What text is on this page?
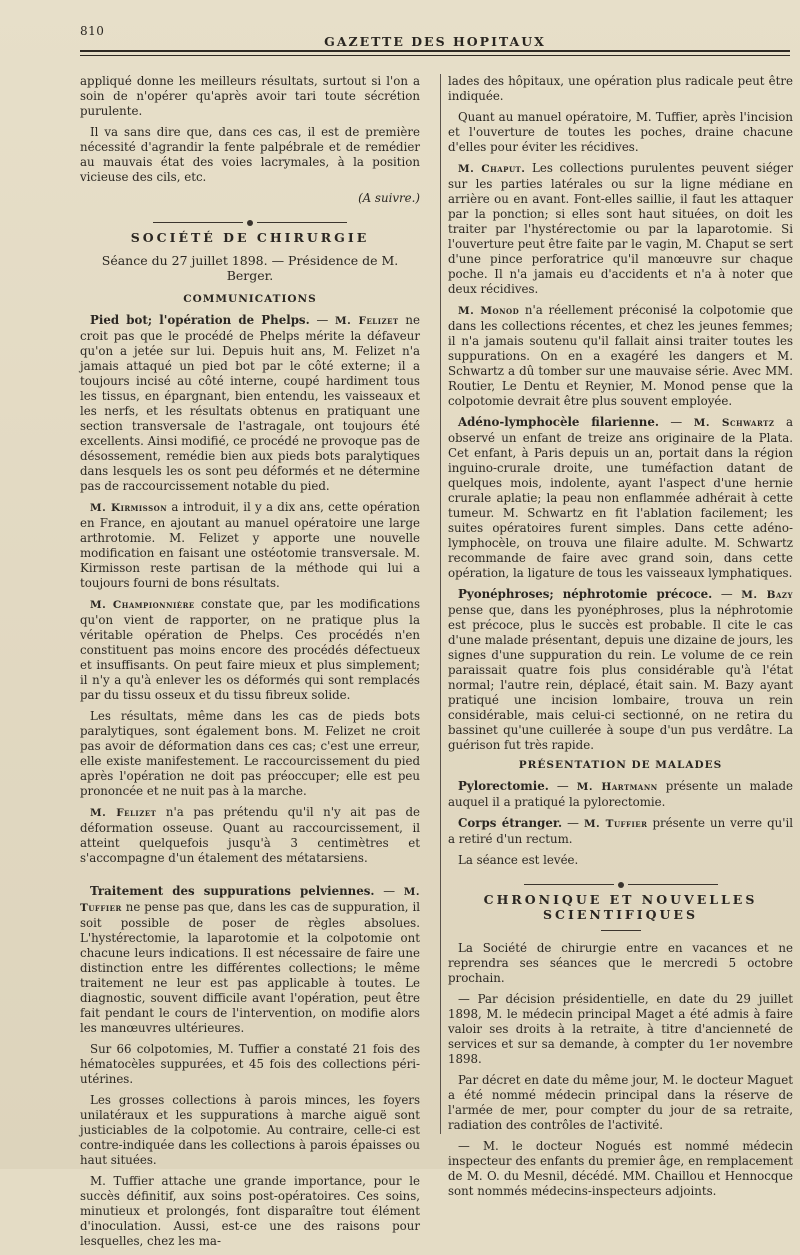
810
GAZETTE DES HOPITAUX

appliqué donne les meilleurs résultats, surtout si l'on a soin de n'opérer qu'après avoir tari toute sécrétion purulente.

Il va sans dire que, dans ces cas, il est de première nécessité d'agrandir la fente palpébrale et de remédier au mauvais état des voies lacrymales, à la position vicieuse des cils, etc.

(A suivre.)

SOCIÉTÉ DE CHIRURGIE
Séance du 27 juillet 1898. — Présidence de M. Berger.
COMMUNICATIONS

Pied bot; l'opération de Phelps. — M. Felizet ne croit pas que le procédé de Phelps mérite la défaveur qu'on a jetée sur lui. Depuis huit ans, M. Felizet n'a jamais attaqué un pied bot par le côté externe; il a toujours incisé au côté interne, coupé hardiment tous les tissus, en épargnant, bien entendu, les vaisseaux et les nerfs, et les résultats obtenus en pratiquant une section transversale de l'astragale, ont toujours été excellents. Ainsi modifié, ce procédé ne provoque pas de désossement, remédie bien aux pieds bots paralytiques dans lesquels les os sont peu déformés et ne détermine pas de raccourcissement notable du pied.

M. Kirmisson a introduit, il y a dix ans, cette opération en France, en ajoutant au manuel opératoire une large arthrotomie. M. Felizet y apporte une nouvelle modification en faisant une ostéotomie transversale. M. Kirmisson reste partisan de la méthode qui lui a toujours fourni de bons résultats.

M. Championnière constate que, par les modifications qu'on vient de rapporter, on ne pratique plus la véritable opération de Phelps. Ces procédés n'en constituent pas moins encore des procédés défectueux et insuffisants. On peut faire mieux et plus simplement; il n'y a qu'à enlever les os déformés qui sont remplacés par du tissu osseux et du tissu fibreux solide.

Les résultats, même dans les cas de pieds bots paralytiques, sont également bons. M. Felizet ne croit pas avoir de déformation dans ces cas; c'est une erreur, elle existe manifestement. Le raccourcissement du pied après l'opération ne doit pas préoccuper; elle est peu prononcée et ne nuit pas à la marche.

M. Felizet n'a pas prétendu qu'il n'y ait pas de déformation osseuse. Quant au raccourcissement, il atteint quelquefois jusqu'à 3 centimètres et s'accompagne d'un étalement des métatarsiens.

Traitement des suppurations pelviennes. — M. Tuffier ne pense pas que, dans les cas de suppuration, il soit possible de poser de règles absolues. L'hystérectomie, la laparotomie et la colpotomie ont chacune leurs indications. Il est nécessaire de faire une distinction entre les différentes collections; le même traitement ne leur est pas applicable à toutes. Le diagnostic, souvent difficile avant l'opération, peut être fait pendant le cours de l'intervention, on modifie alors les manœuvres ultérieures.

Sur 66 colpotomies, M. Tuffier a constaté 21 fois des hématocèles suppurées, et 45 fois des collections péri-utérines.

Les grosses collections à parois minces, les foyers unilatéraux et les suppurations à marche aiguë sont justiciables de la colpotomie. Au contraire, celle-ci est contre-indiquée dans les collections à parois épaisses ou haut situées.

M. Tuffier attache une grande importance, pour le succès définitif, aux soins post-opératoires. Ces soins, minutieux et prolongés, font disparaître tout élément d'inoculation. Aussi, est-ce une des raisons pour lesquelles, chez les ma-

lades des hôpitaux, une opération plus radicale peut être indiquée.

Quant au manuel opératoire, M. Tuffier, après l'incision et l'ouverture de toutes les poches, draine chacune d'elles pour éviter les récidives.

M. Chaput. Les collections purulentes peuvent siéger sur les parties latérales ou sur la ligne médiane en arrière ou en avant. Font-elles saillie, il faut les attaquer par la ponction; si elles sont haut situées, on doit les traiter par l'hystérectomie ou par la laparotomie. Si l'ouverture peut être faite par le vagin, M. Chaput se sert d'une pince perforatrice qu'il manœuvre sur chaque poche. Il n'a jamais eu d'accidents et n'a à noter que deux récidives.

M. Monod n'a réellement préconisé la colpotomie que dans les collections récentes, et chez les jeunes femmes; il n'a jamais soutenu qu'il fallait ainsi traiter toutes les suppurations. On en a exagéré les dangers et M. Schwartz a dû tomber sur une mauvaise série. Avec MM. Routier, Le Dentu et Reynier, M. Monod pense que la colpotomie devrait être plus souvent employée.

Adéno-lymphocèle filarienne. — M. Schwartz a observé un enfant de treize ans originaire de la Plata. Cet enfant, à Paris depuis un an, portait dans la région inguino-crurale droite, une tuméfaction datant de quelques mois, indolente, ayant l'aspect d'une hernie crurale aplatie; la peau non enflammée adhérait à cette tumeur. M. Schwartz en fit l'ablation facilement; les suites opératoires furent simples. Dans cette adéno-lymphocèle, on trouva une filaire adulte. M. Schwartz recommande de faire avec grand soin, dans cette opération, la ligature de tous les vaisseaux lymphatiques.

Pyonéphroses; néphrotomie précoce. — M. Bazy pense que, dans les pyonéphroses, plus la néphrotomie est précoce, plus le succès est probable. Il cite le cas d'une malade présentant, depuis une dizaine de jours, les signes d'une suppuration du rein. Le volume de ce rein paraissait quatre fois plus considérable qu'à l'état normal; l'autre rein, déplacé, était sain. M. Bazy ayant pratiqué une incision lombaire, trouva un rein considérable, mais celui-ci sectionné, on ne retira du bassinet qu'une cuillerée à soupe d'un pus verdâtre. La guérison fut très rapide.

PRÉSENTATION DE MALADES

Pylorectomie. — M. Hartmann présente un malade auquel il a pratiqué la pylorectomie.

Corps étranger. — M. Tuffier présente un verre qu'il a retiré d'un rectum.

La séance est levée.

CHRONIQUE ET NOUVELLES SCIENTIFIQUES

La Société de chirurgie entre en vacances et ne reprendra ses séances que le mercredi 5 octobre prochain.

— Par décision présidentielle, en date du 29 juillet 1898, M. le médecin principal Maget a été admis à faire valoir ses droits à la retraite, à titre d'ancienneté de services et sur sa demande, à compter du 1er novembre 1898.

Par décret en date du même jour, M. le docteur Maguet a été nommé médecin principal dans la réserve de l'armée de mer, pour compter du jour de sa retraite, radiation des contrôles de l'activité.

— M. le docteur Nogués est nommé médecin inspecteur des enfants du premier âge, en remplacement de M. O. du Mesnil, décédé. MM. Chaillou et Hennocque sont nommés médecins-inspecteurs adjoints.
